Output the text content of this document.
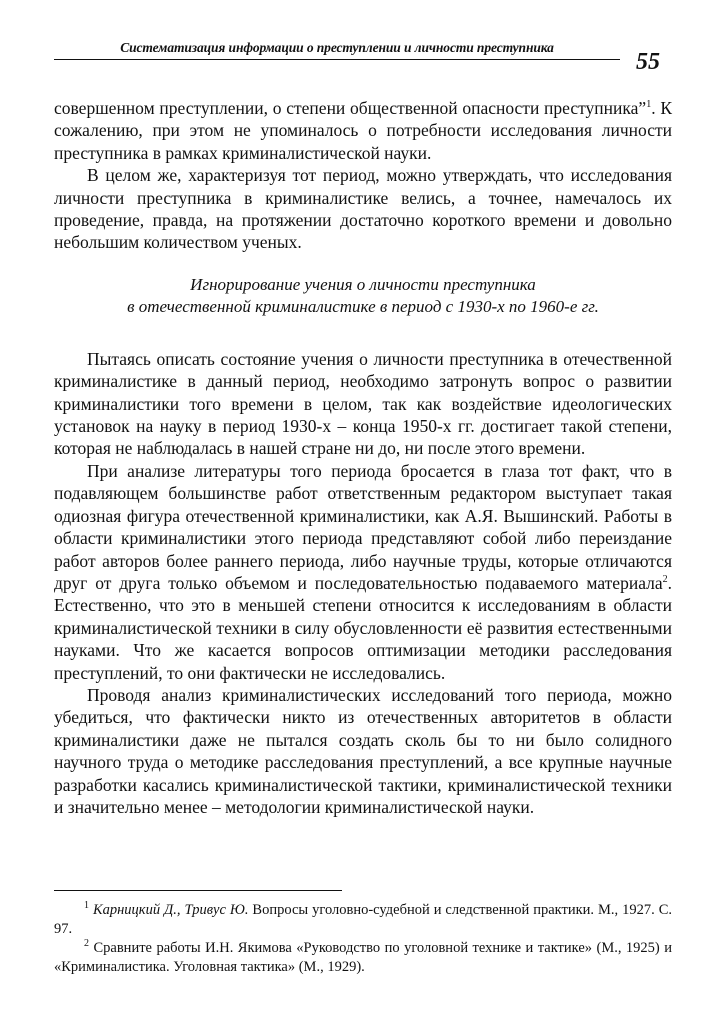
Систематизация информации о преступлении и личности преступника
55

совершенном преступлении, о степени общественной опасности преступника”$^1$. К сожалению, при этом не упоминалось о потребности исследования личности преступника в рамках криминалистической науки.

В целом же, характеризуя тот период, можно утверждать, что исследования личности преступника в криминалистике велись, а точнее, намечалось их проведение, правда, на протяжении достаточно короткого времени и довольно небольшим количеством ученых.

Игнорирование учения о личности преступника
в отечественной криминалистике в период с 1930-х по 1960-е гг.

Пытаясь описать состояние учения о личности преступника в отечественной криминалистике в данный период, необходимо затронуть вопрос о развитии криминалистики того времени в целом, так как воздействие идеологических установок на науку в период 1930-х – конца 1950-х гг. достигает такой степени, которая не наблюдалась в нашей стране ни до, ни после этого времени.

При анализе литературы того периода бросается в глаза тот факт, что в подавляющем большинстве работ ответственным редактором выступает такая одиозная фигура отечественной криминалистики, как А.Я. Вышинский. Работы в области криминалистики этого периода представляют собой либо переиздание работ авторов более раннего периода, либо научные труды, которые отличаются друг от друга только объемом и последовательностью подаваемого материала$^2$. Естественно, что это в меньшей степени относится к исследованиям в области криминалистической техники в силу обусловленности её развития естественными науками. Что же касается вопросов оптимизации методики расследования преступлений, то они фактически не исследовались.

Проводя анализ криминалистических исследований того периода, можно убедиться, что фактически никто из отечественных авторитетов в области криминалистики даже не пытался создать сколь бы то ни было солидного научного труда о методике расследования преступлений, а все крупные научные разработки касались криминалистической тактики, криминалистической техники и значительно менее – методологии криминалистической науки.

$^1$ Карницкий Д., Тривус Ю. Вопросы уголовно-судебной и следственной практики. М., 1927. С. 97.

$^2$ Сравните работы И.Н. Якимова «Руководство по уголовной технике и тактике» (М., 1925) и «Криминалистика. Уголовная тактика» (М., 1929).
